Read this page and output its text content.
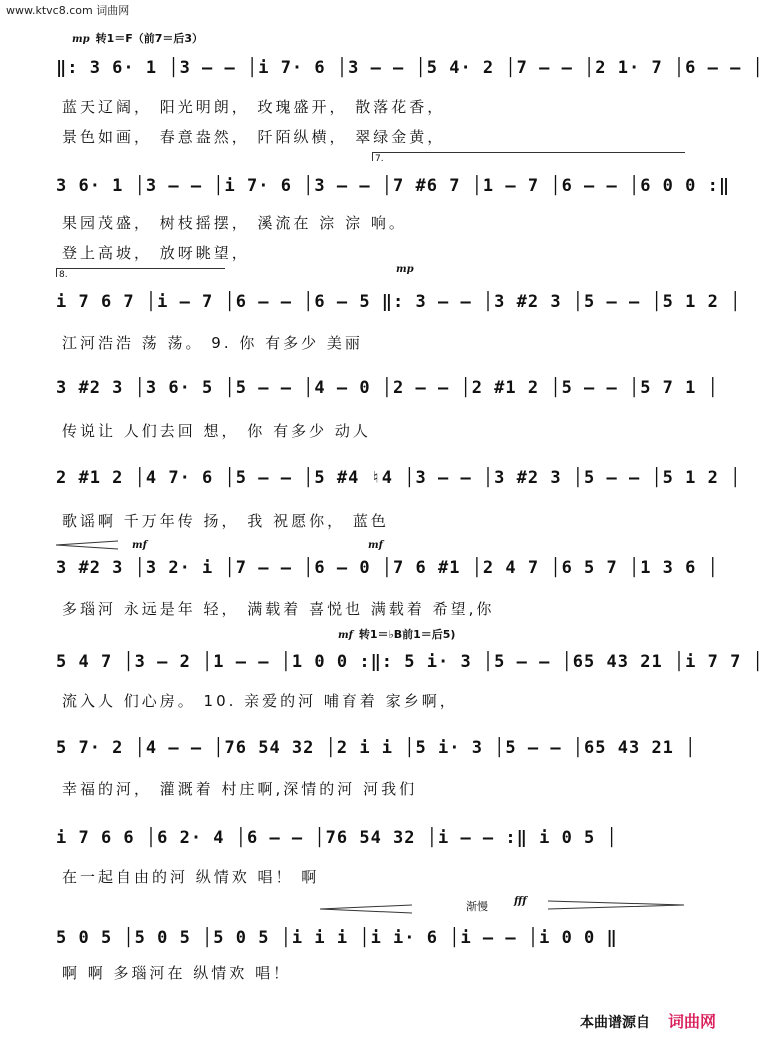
www.ktvc8.com 词曲网
mp 转1＝F（前7＝后3）
‖: 3 6· 1 │3 – – │i 7· 6 │3 – – │5 4· 2 │7 – – │2 1· 7 │6 – – │
蓝天辽阔， 阳光明朗， 玫瑰盛开， 散落花香，
景色如画， 春意盎然， 阡陌纵横， 翠绿金黄，
7.
3 6· 1 │3 – – │i 7· 6 │3 – – │7 #6 7 │1 – 7 │6 – – │6 0 0 :‖
果园茂盛， 树枝摇摆， 溪流在 淙 淙 响。
登上高坡， 放呀眺望，
8.	mp
i 7 6 7 │i – 7 │6 – – │6 – 5 ‖: 3 – – │3 #2 3 │5 – – │5 1 2 │
江河浩浩 荡 荡。 9. 你 有多少 美丽
3 #2 3 │3 6· 5 │5 – – │4 – 0 │2 – – │2 #1 2 │5 – – │5 7 1 │
传说让 人们去回 想， 你 有多少 动人
2 #1 2 │4 7· 6 │5 – – │5 #4 ♮4 │3 – – │3 #2 3 │5 – – │5 1 2 │
歌谣啊 千万年传 扬， 我 祝愿你， 蓝色
mf	mf
3 #2 3 │3 2· i │7 – – │6 – 0 │7 6 #1 │2 4 7 │6 5 7 │1 3 6 │
多瑙河 永远是年 轻， 满载着 喜悦也 满载着 希望,你
mf 转1＝♭B前1＝后5)
5 4 7 │3 – 2 │1 – – │1 0 0 :‖: 5 i· 3 │5 – – │65 43 21 │i 7 7 │
流入人 们心房。 10. 亲爱的河 哺育着 家乡啊，
5 7· 2 │4 – – │76 54 32 │2 i i │5 i· 3 │5 – – │65 43 21 │
幸福的河， 灌溉着 村庄啊,深情的河 河我们
i 7 6 6 │6 2· 4 │6 – – │76 54 32 │i – – :‖ i 0 5 │
在一起自由的河 纵情欢 唱！ 啊
渐慢	fff
5 0 5 │5 0 5 │5 0 5 │i i i │i i· 6 │i – – │i 0 0 ‖
啊 啊 多瑙河在 纵情欢 唱！
本曲谱源自 词曲网
